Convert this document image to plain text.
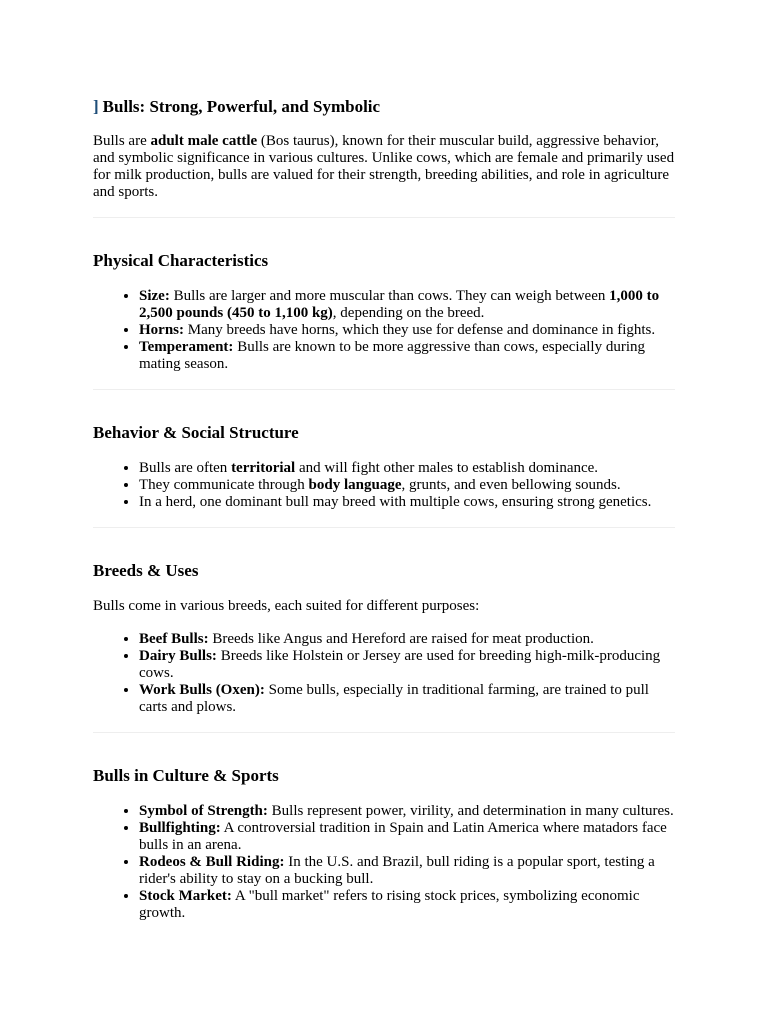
] Bulls: Strong, Powerful, and Symbolic

Bulls are adult male cattle (Bos taurus), known for their muscular build, aggressive behavior, and symbolic significance in various cultures. Unlike cows, which are female and primarily used for milk production, bulls are valued for their strength, breeding abilities, and role in agriculture and sports.

Physical Characteristics
• Size: Bulls are larger and more muscular than cows. They can weigh between 1,000 to 2,500 pounds (450 to 1,100 kg), depending on the breed.
• Horns: Many breeds have horns, which they use for defense and dominance in fights.
• Temperament: Bulls are known to be more aggressive than cows, especially during mating season.
Behavior & Social Structure
• Bulls are often territorial and will fight other males to establish dominance.
• They communicate through body language, grunts, and even bellowing sounds.
• In a herd, one dominant bull may breed with multiple cows, ensuring strong genetics.
Breeds & Uses

Bulls come in various breeds, each suited for different purposes:

• Beef Bulls: Breeds like Angus and Hereford are raised for meat production.
• Dairy Bulls: Breeds like Holstein or Jersey are used for breeding high-milk-producing cows.
• Work Bulls (Oxen): Some bulls, especially in traditional farming, are trained to pull carts and plows.
Bulls in Culture & Sports
• Symbol of Strength: Bulls represent power, virility, and determination in many cultures.
• Bullfighting: A controversial tradition in Spain and Latin America where matadors face bulls in an arena.
• Rodeos & Bull Riding: In the U.S. and Brazil, bull riding is a popular sport, testing a rider's ability to stay on a bucking bull.
• Stock Market: A "bull market" refers to rising stock prices, symbolizing economic growth.
